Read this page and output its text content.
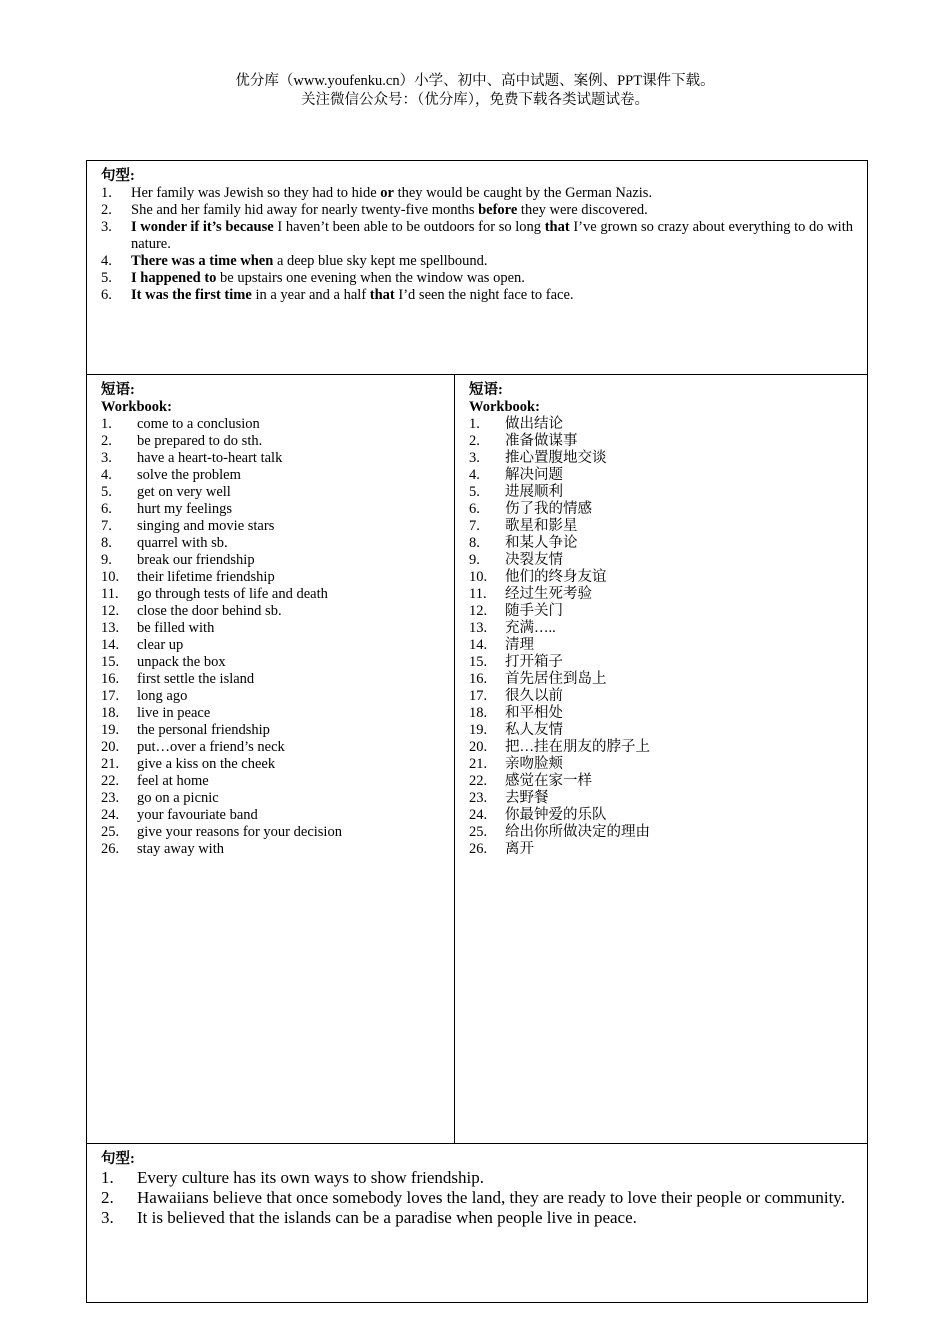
优分库（www.youfenku.cn）小学、初中、高中试题、案例、PPT课件下载。
关注微信公众号：（优分库），免费下载各类试题试卷。
句型:
1. Her family was Jewish so they had to hide or they would be caught by the German Nazis.
2. She and her family hid away for nearly twenty-five months before they were discovered.
3. I wonder if it’s because I haven’t been able to be outdoors for so long that I’ve grown so crazy about everything to do with nature.
4. There was a time when a deep blue sky kept me spellbound.
5. I happened to be upstairs one evening when the window was open.
6. It was the first time in a year and a half that I’d seen the night face to face.
短语:
Workbook:
1. come to a conclusion
2. be prepared to do sth.
3. have a heart-to-heart talk
4. solve the problem
5. get on very well
6. hurt my feelings
7. singing and movie stars
8. quarrel with sb.
9. break our friendship
10. their lifetime friendship
11. go through tests of life and death
12. close the door behind sb.
13. be filled with
14. clear up
15. unpack the box
16. first settle the island
17. long ago
18. live in peace
19. the personal friendship
20. put…over a friend’s neck
21. give a kiss on the cheek
22. feel at home
23. go on a picnic
24. your favouriate band
25. give your reasons for your decision
26. stay away with
短语:
Workbook:
1. 做出结论
2. 准备做谋事
3. 推心置腹地交谈
4. 解决问题
5. 进展顺利
6. 伤了我的情感
7. 歌星和影星
8. 和某人争论
9. 决裂友情
10. 他们的终身友谊
11. 经过生死考验
12. 随手关门
13. 充满…..
14. 清理
15. 打开箱子
16. 首先居住到岛上
17. 很久以前
18. 和平相处
19. 私人友情
20. 把…挂在朋友的脖子上
21. 亲吻脸颊
22. 感觉在家一样
23. 去野餐
24. 你最钟爱的乐队
25. 给出你所做决定的理由
26. 离开
句型:
1. Every culture has its own ways to show friendship.
2. Hawaiians believe that once somebody loves the land, they are ready to love their people or community.
3. It is believed that the islands can be a paradise when people live in peace.
